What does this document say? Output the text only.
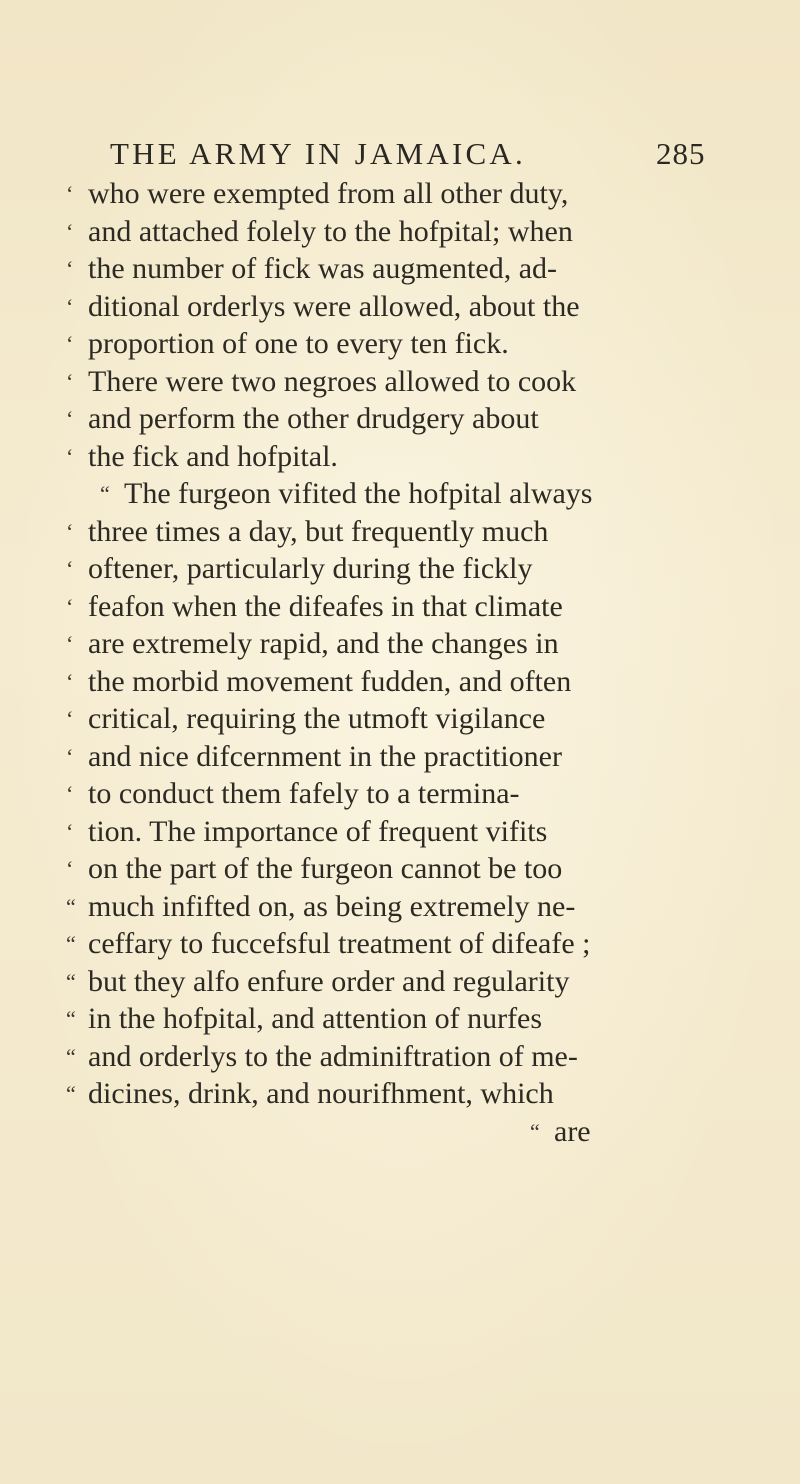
THE ARMY IN JAMAICA.	285
‘ who were exempted from all other duty,
‘ and attached folely to the hofpital; when
‘ the number of fick was augmented, ad-
‘ ditional orderlys were allowed, about the
‘ proportion of one to every ten fick.
‘ There were two negroes allowed to cook
‘ and perform the other drudgery about
‘ the fick and hofpital.
“ The furgeon vifited the hofpital always
‘ three times a day, but frequently much
‘ oftener, particularly during the fickly
‘ feafon when the difeafes in that climate
‘ are extremely rapid, and the changes in
‘ the morbid movement fudden, and often
‘ critical, requiring the utmoft vigilance
‘ and nice difcernment in the practitioner
‘ to conduct them fafely to a termina-
‘ tion. The importance of frequent vifits
‘ on the part of the furgeon cannot be too
“ much infifted on, as being extremely ne-
“ ceffary to fuccefsful treatment of difeafe ;
“ but they alfo enfure order and regularity
“ in the hofpital, and attention of nurfes
“ and orderlys to the adminiftration of me-
“ dicines, drink, and nourifhment, which
“ are
